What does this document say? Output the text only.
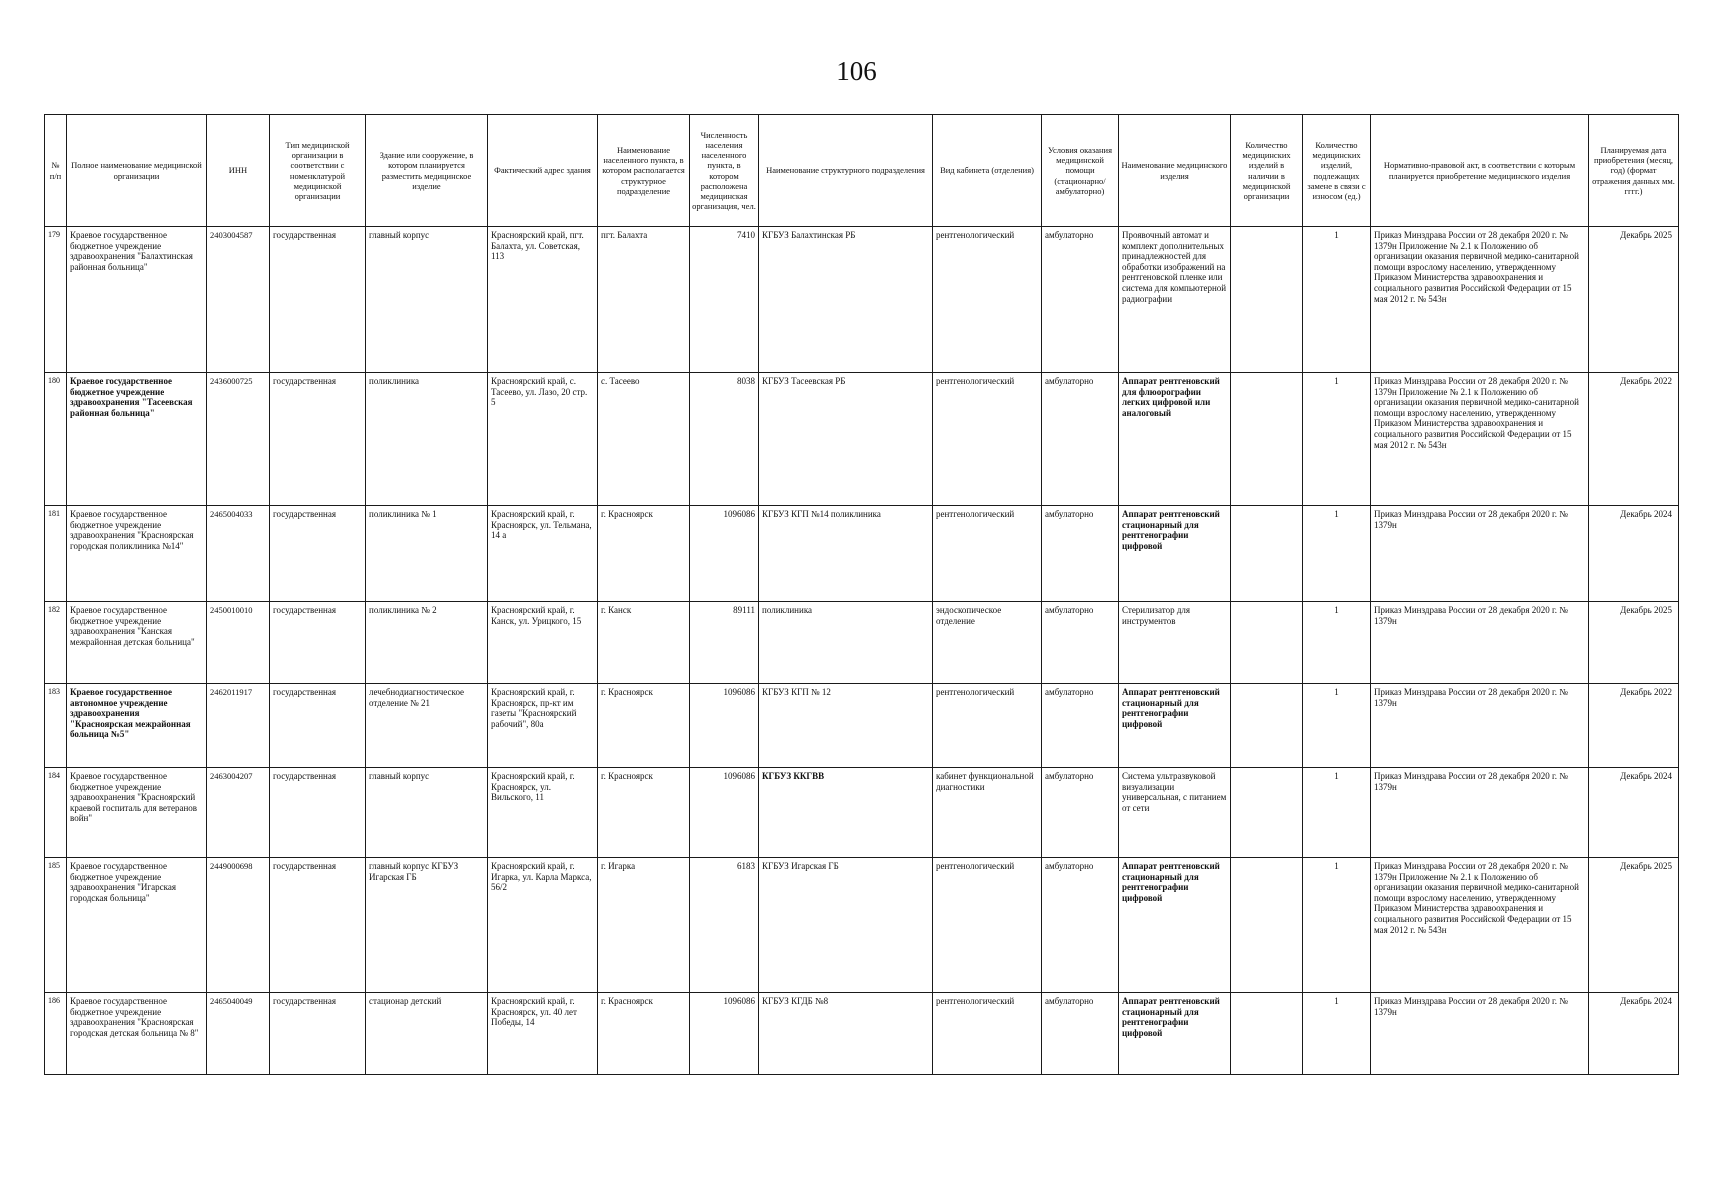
106
№ п/п	Полное наименование медицинской организации	ИНН	Тип медицинской организации в соответствии с номенклатурой медицинской организации	Здание или сооружение, в котором планируется разместить медицинское изделие	Фактический адрес здания	Наименование населенного пункта, в котором располагается структурное подразделение	Численность населения населенного пункта, в котором расположена медицинская организация, чел.	Наименование структурного подразделения	Вид кабинета (отделения)	Условия оказания медицинской помощи (стационарно/амбулаторно)	Наименование медицинского изделия	Количество медицинских изделий в наличии в медицинской организации	Количество медицинских изделий, подлежащих замене в связи с износом (ед.)	Нормативно-правовой акт, в соответствии с которым планируется приобретение медицинского изделия	Планируемая дата приобретения (месяц, год) (формат отражения данных мм. гггг.)
179	Краевое государственное бюджетное учреждение здравоохранения "Балахтинская районная больница"	2403004587	государственная	главный корпус	Красноярский край, пгт. Балахта, ул. Советская, 113	пгт. Балахта	7410	КГБУЗ Балахтинская РБ	рентгенологический	амбулаторно	Проявочный автомат и комплект дополнительных принадлежностей для обработки изображений на рентгеновской пленке или система для компьютерной радиографии		1	Приказ Минздрава России от 28 декабря 2020 г. № 1379н Приложение № 2.1 к Положению об организации оказания первичной медико-санитарной помощи взрослому населению, утвержденному Приказом Министерства здравоохранения и социального развития Российской Федерации от 15 мая 2012 г. № 543н	Декабрь 2025
180	Краевое государственное бюджетное учреждение здравоохранения "Тасеевская районная больница"	2436000725	государственная	поликлиника	Красноярский край, с. Тасеево, ул. Лазо, 20 стр. 5	с. Тасеево	8038	КГБУЗ Тасеевская РБ	рентгенологический	амбулаторно	Аппарат рентгеновский для флюорографии легких цифровой или аналоговый		1	Приказ Минздрава России от 28 декабря 2020 г. № 1379н Приложение № 2.1 к Положению об организации оказания первичной медико-санитарной помощи взрослому населению, утвержденному Приказом Министерства здравоохранения и социального развития Российской Федерации от 15 мая 2012 г. № 543н	Декабрь 2022
181	Краевое государственное бюджетное учреждение здравоохранения "Красноярская городская поликлиника №14"	2465004033	государственная	поликлиника № 1	Красноярский край, г. Красноярск, ул. Тельмана, 14 а	г. Красноярск	1096086	КГБУЗ КГП №14 поликлиника	рентгенологический	амбулаторно	Аппарат рентгеновский стационарный для рентгенографии цифровой		1	Приказ Минздрава России от 28 декабря 2020 г. № 1379н	Декабрь 2024
182	Краевое государственное бюджетное учреждение здравоохранения "Канская межрайонная детская больница"	2450010010	государственная	поликлиника № 2	Красноярский край, г. Канск, ул. Урицкого, 15	г. Канск	89111	поликлиника	эндоскопическое отделение	амбулаторно	Стерилизатор для инструментов		1	Приказ Минздрава России от 28 декабря 2020 г. № 1379н	Декабрь 2025
183	Краевое государственное автономное учреждение здравоохранения "Красноярская межрайонная больница №5"	2462011917	государственная	лечебнодиагностическое отделение № 21	Красноярский край, г. Красноярск, пр-кт им газеты "Красноярский рабочий", 80а	г. Красноярск	1096086	КГБУЗ КГП № 12	рентгенологический	амбулаторно	Аппарат рентгеновский стационарный для рентгенографии цифровой		1	Приказ Минздрава России от 28 декабря 2020 г. № 1379н	Декабрь 2022
184	Краевое государственное бюджетное учреждение здравоохранения "Красноярский краевой госпиталь для ветеранов войн"	2463004207	государственная	главный корпус	Красноярский край, г. Красноярск, ул. Вильского, 11	г. Красноярск	1096086	КГБУЗ ККГВВ	кабинет функциональной диагностики	амбулаторно	Система ультразвуковой визуализации универсальная, с питанием от сети		1	Приказ Минздрава России от 28 декабря 2020 г. № 1379н	Декабрь 2024
185	Краевое государственное бюджетное учреждение здравоохранения "Игарская городская больница"	2449000698	государственная	главный корпус КГБУЗ Игарская ГБ	Красноярский край, г. Игарка, ул. Карла Маркса, 56/2	г. Игарка	6183	КГБУЗ Игарская ГБ	рентгенологический	амбулаторно	Аппарат рентгеновский стационарный для рентгенографии цифровой		1	Приказ Минздрава России от 28 декабря 2020 г. № 1379н Приложение № 2.1 к Положению об организации оказания первичной медико-санитарной помощи взрослому населению, утвержденному Приказом Министерства здравоохранения и социального развития Российской Федерации от 15 мая 2012 г. № 543н	Декабрь 2025
186	Краевое государственное бюджетное учреждение здравоохранения "Красноярская городская детская больница № 8"	2465040049	государственная	стационар детский	Красноярский край, г. Красноярск, ул. 40 лет Победы, 14	г. Красноярск	1096086	КГБУЗ КГДБ №8	рентгенологический	амбулаторно	Аппарат рентгеновский стационарный для рентгенографии цифровой		1	Приказ Минздрава России от 28 декабря 2020 г. № 1379н	Декабрь 2024
